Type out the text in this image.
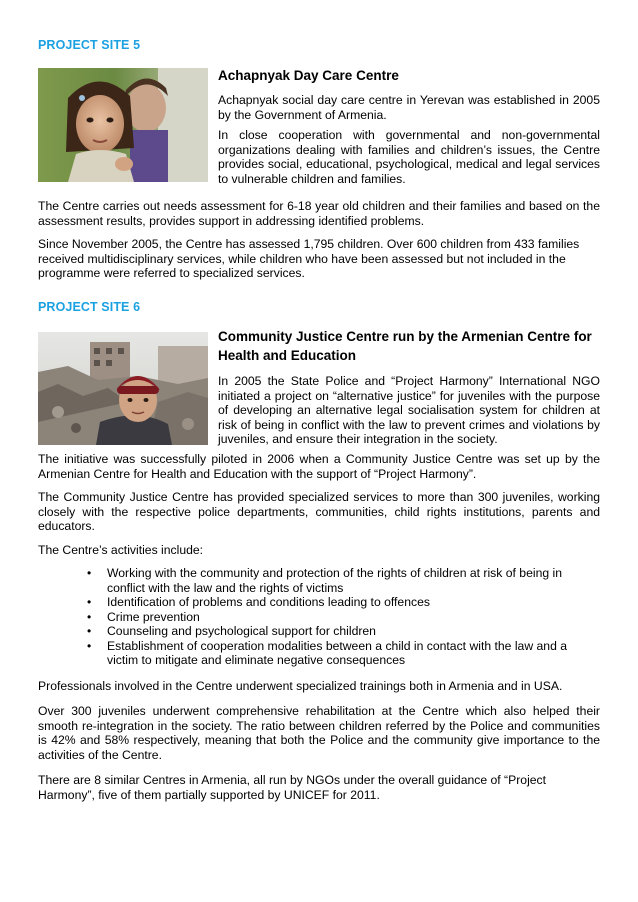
PROJECT SITE 5
Achapnyak Day Care Centre

Achapnyak social day care centre in Yerevan was established in 2005 by the Government of Armenia.

In close cooperation with governmental and non-governmental organizations dealing with families and children’s issues, the Centre provides social, educational, psychological, medical and legal services to vulnerable children and families.

The Centre carries out needs assessment for 6-18 year old children and their families and based on the assessment results, provides support in addressing identified problems.

Since November 2005, the Centre has assessed 1,795 children. Over 600 children from 433 families received multidisciplinary services, while children who have been assessed but not included in the programme were referred to specialized services.

PROJECT SITE 6
Community Justice Centre run by the Armenian Centre for Health and Education

In 2005 the State Police and “Project Harmony” International NGO initiated a project on “alternative justice” for juveniles with the purpose of developing an alternative legal socialisation system for children at risk of being in conflict with the law to prevent crimes and violations by juveniles, and ensure their integration in the society.

The initiative was successfully piloted in 2006 when a Community Justice Centre was set up by the Armenian Centre for Health and Education with the support of “Project Harmony”.

The Community Justice Centre has provided specialized services to more than 300 juveniles, working closely with the respective police departments, communities, child rights institutions, parents and educators.

The Centre’s activities include:

• Working with the community and protection of the rights of children at risk of being in conflict with the law and the rights of victims
• Identification of problems and conditions leading to offences
• Crime prevention
• Counseling and psychological support for children
• Establishment of cooperation modalities between a child in contact with the law and a victim to mitigate and eliminate negative consequences

Professionals involved in the Centre underwent specialized trainings both in Armenia and in USA.

Over 300 juveniles underwent comprehensive rehabilitation at the Centre which also helped their smooth re-integration in the society. The ratio between children referred by the Police and communities is 42% and 58% respectively, meaning that both the Police and the community give importance to the activities of the Centre.

There are 8 similar Centres in Armenia, all run by NGOs under the overall guidance of “Project Harmony”, five of them partially supported by UNICEF for 2011.
